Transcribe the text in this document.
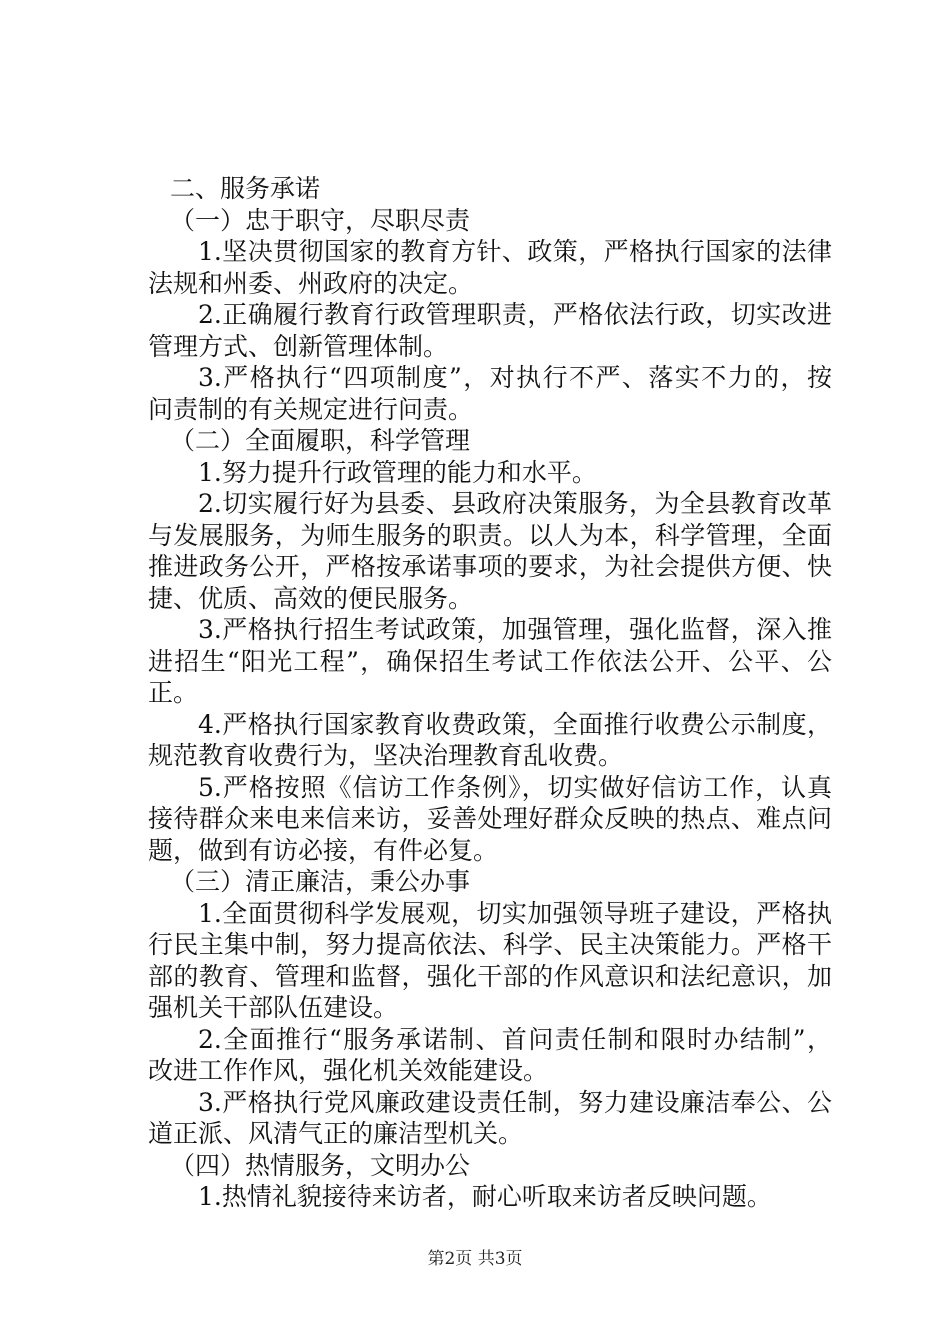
二、服务承诺
（一）忠于职守，尽职尽责
1.坚决贯彻国家的教育方针、政策，严格执行国家的法律
法规和州委、州政府的决定。
2.正确履行教育行政管理职责，严格依法行政，切实改进
管理方式、创新管理体制。
3.严格执行“四项制度”，对执行不严、落实不力的，按
问责制的有关规定进行问责。
（二）全面履职，科学管理
1.努力提升行政管理的能力和水平。
2.切实履行好为县委、县政府决策服务，为全县教育改革
与发展服务，为师生服务的职责。以人为本，科学管理，全面
推进政务公开，严格按承诺事项的要求，为社会提供方便、快
捷、优质、高效的便民服务。
3.严格执行招生考试政策，加强管理，强化监督，深入推
进招生“阳光工程”，确保招生考试工作依法公开、公平、公
正。
4.严格执行国家教育收费政策，全面推行收费公示制度，
规范教育收费行为，坚决治理教育乱收费。
5.严格按照《信访工作条例》，切实做好信访工作，认真
接待群众来电来信来访，妥善处理好群众反映的热点、难点问
题，做到有访必接，有件必复。
（三）清正廉洁，秉公办事
1.全面贯彻科学发展观，切实加强领导班子建设，严格执
行民主集中制，努力提高依法、科学、民主决策能力。严格干
部的教育、管理和监督，强化干部的作风意识和法纪意识，加
强机关干部队伍建设。
2.全面推行“服务承诺制、首问责任制和限时办结制”，
改进工作作风，强化机关效能建设。
3.严格执行党风廉政建设责任制，努力建设廉洁奉公、公
道正派、风清气正的廉洁型机关。
（四）热情服务，文明办公
1.热情礼貌接待来访者，耐心听取来访者反映问题。
第2页 共3页
